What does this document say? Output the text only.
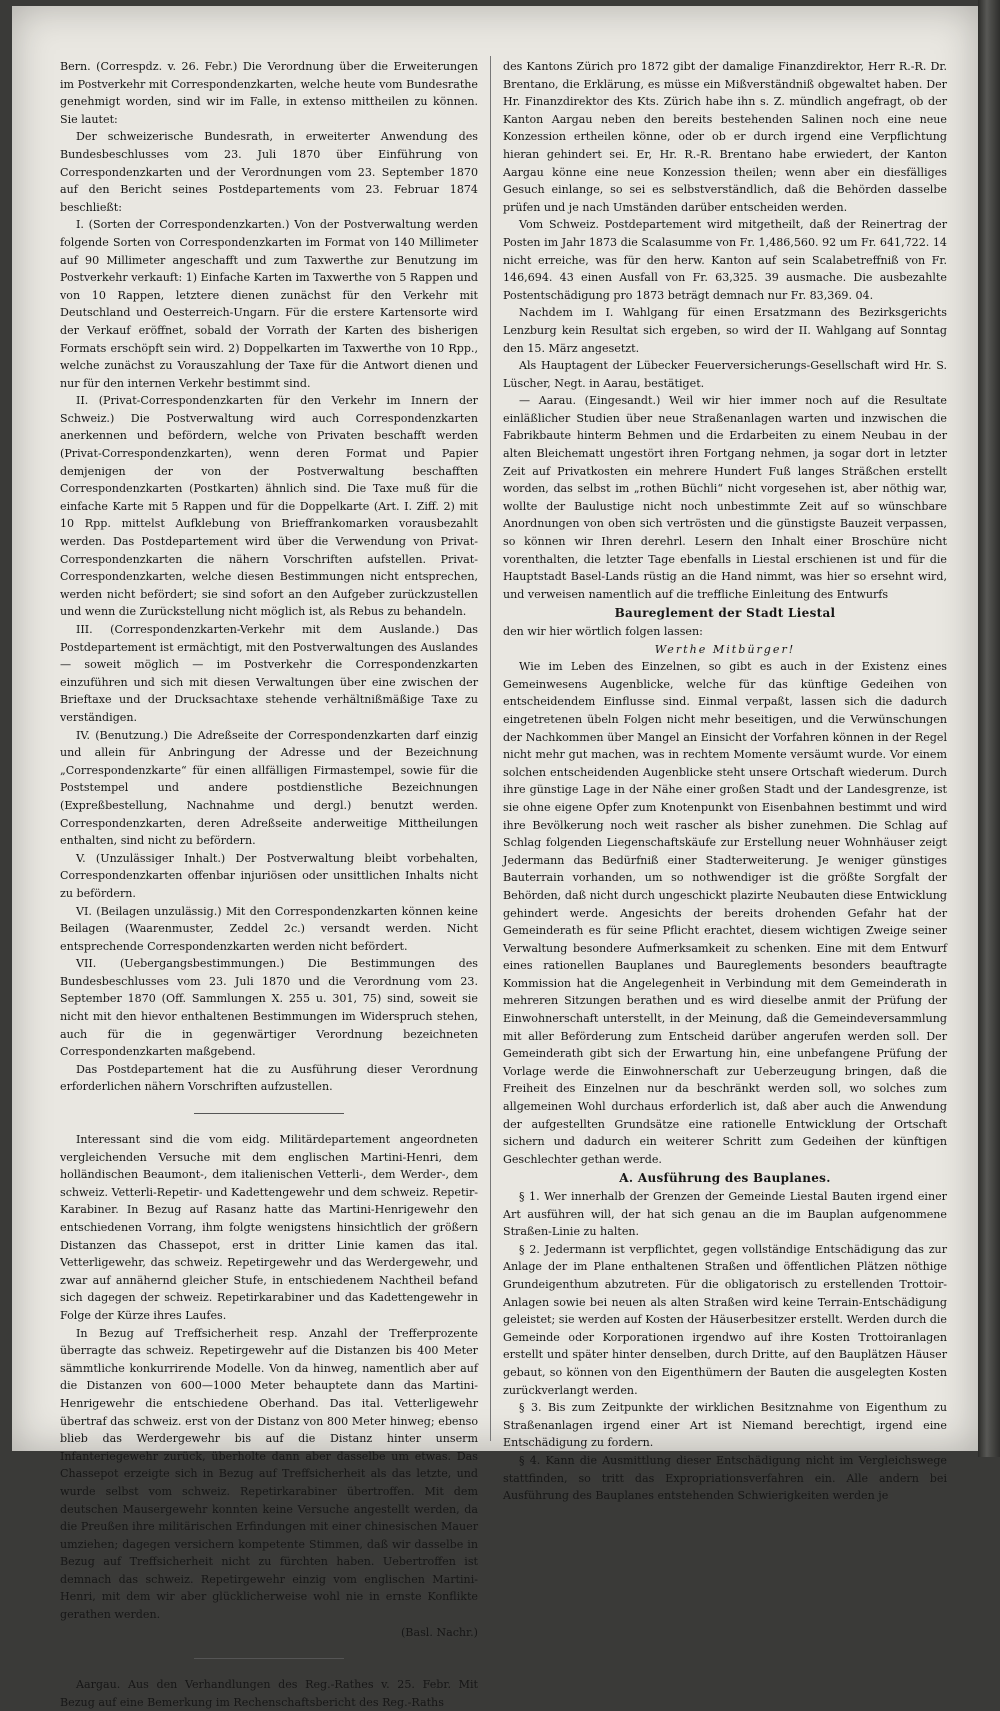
Bern. (Correspdz. v. 26. Febr.) Die Verordnung über die Erweiterungen im Postverkehr mit Correspondenzkarten, welche heute vom Bundesrathe genehmigt worden, sind wir im Falle, in extenso mittheilen zu können. Sie lautet:

Der schweizerische Bundesrath, in erweiterter Anwendung des Bundesbeschlusses vom 23. Juli 1870 über Einführung von Correspondenzkarten und der Verordnungen vom 23. September 1870 auf den Bericht seines Postdepartements vom 23. Februar 1874 beschließt:

I. (Sorten der Correspondenzkarten.) Von der Postverwaltung werden folgende Sorten von Correspondenzkarten im Format von 140 Millimeter auf 90 Millimeter angeschafft und zum Taxwerthe zur Benutzung im Postverkehr verkauft: 1) Einfache Karten im Taxwerthe von 5 Rappen und von 10 Rappen, letztere dienen zunächst für den Verkehr mit Deutschland und Oesterreich-Ungarn. Für die erstere Kartensorte wird der Verkauf eröffnet, sobald der Vorrath der Karten des bisherigen Formats erschöpft sein wird. 2) Doppelkarten im Taxwerthe von 10 Rpp., welche zunächst zu Vorauszahlung der Taxe für die Antwort dienen und nur für den internen Verkehr bestimmt sind.

II. (Privat-Correspondenzkarten für den Verkehr im Innern der Schweiz.) Die Postverwaltung wird auch Correspondenzkarten anerkennen und befördern, welche von Privaten beschafft werden (Privat-Correspondenzkarten), wenn deren Format und Papier demjenigen der von der Postverwaltung beschafften Correspondenzkarten (Postkarten) ähnlich sind. Die Taxe muß für die einfache Karte mit 5 Rappen und für die Doppelkarte (Art. I. Ziff. 2) mit 10 Rpp. mittelst Aufklebung von Brieffrankomarken vorausbezahlt werden. Das Postdepartement wird über die Verwendung von Privat-Correspondenzkarten die nähern Vorschriften aufstellen. Privat-Correspondenzkarten, welche diesen Bestimmungen nicht entsprechen, werden nicht befördert; sie sind sofort an den Aufgeber zurückzustellen und wenn die Zurückstellung nicht möglich ist, als Rebus zu behandeln.

III. (Correspondenzkarten-Verkehr mit dem Auslande.) Das Postdepartement ist ermächtigt, mit den Postverwaltungen des Auslandes — soweit möglich — im Postverkehr die Correspondenzkarten einzuführen und sich mit diesen Verwaltungen über eine zwischen der Brieftaxe und der Drucksachtaxe stehende verhältnißmäßige Taxe zu verständigen.

IV. (Benutzung.) Die Adreßseite der Correspondenzkarten darf einzig und allein für Anbringung der Adresse und der Bezeichnung „Correspondenzkarte“ für einen allfälligen Firmastempel, sowie für die Poststempel und andere postdienstliche Bezeichnungen (Expreßbestellung, Nachnahme und dergl.) benutzt werden. Correspondenzkarten, deren Adreßseite anderweitige Mittheilungen enthalten, sind nicht zu befördern.

V. (Unzulässiger Inhalt.) Der Postverwaltung bleibt vorbehalten, Correspondenzkarten offenbar injuriösen oder unsittlichen Inhalts nicht zu befördern.

VI. (Beilagen unzulässig.) Mit den Correspondenzkarten können keine Beilagen (Waarenmuster, Zeddel 2c.) versandt werden. Nicht entsprechende Correspondenzkarten werden nicht befördert.

VII. (Uebergangsbestimmungen.) Die Bestimmungen des Bundesbeschlusses vom 23. Juli 1870 und die Verordnung vom 23. September 1870 (Off. Sammlungen X. 255 u. 301, 75) sind, soweit sie nicht mit den hievor enthaltenen Bestimmungen im Widerspruch stehen, auch für die in gegenwärtiger Verordnung bezeichneten Correspondenzkarten maßgebend.

Das Postdepartement hat die zu Ausführung dieser Verordnung erforderlichen nähern Vorschriften aufzustellen.

Interessant sind die vom eidg. Militärdepartement angeordneten vergleichenden Versuche mit dem englischen Martini-Henri, dem holländischen Beaumont-, dem italienischen Vetterli-, dem Werder-, dem schweiz. Vetterli-Repetir- und Kadettengewehr und dem schweiz. Repetir-Karabiner. In Bezug auf Rasanz hatte das Martini-Henrigewehr den entschiedenen Vorrang, ihm folgte wenigstens hinsichtlich der größern Distanzen das Chassepot, erst in dritter Linie kamen das ital. Vetterligewehr, das schweiz. Repetirgewehr und das Werdergewehr, und zwar auf annähernd gleicher Stufe, in entschiedenem Nachtheil befand sich dagegen der schweiz. Repetirkarabiner und das Kadettengewehr in Folge der Kürze ihres Laufes.

In Bezug auf Treffsicherheit resp. Anzahl der Trefferprozente überragte das schweiz. Repetirgewehr auf die Distanzen bis 400 Meter sämmtliche konkurrirende Modelle. Von da hinweg, namentlich aber auf die Distanzen von 600—1000 Meter behauptete dann das Martini-Henrigewehr die entschiedene Oberhand. Das ital. Vetterligewehr übertraf das schweiz. erst von der Distanz von 800 Meter hinweg; ebenso blieb das Werdergewehr bis auf die Distanz hinter unserm Infanteriegewehr zurück, überholte dann aber dasselbe um etwas. Das Chassepot erzeigte sich in Bezug auf Treffsicherheit als das letzte, und wurde selbst vom schweiz. Repetirkarabiner übertroffen. Mit dem deutschen Mausergewehr konnten keine Versuche angestellt werden, da die Preußen ihre militärischen Erfindungen mit einer chinesischen Mauer umziehen; dagegen versichern kompetente Stimmen, daß wir dasselbe in Bezug auf Treffsicherheit nicht zu fürchten haben. Uebertroffen ist demnach das schweiz. Repetirgewehr einzig vom englischen Martini-Henri, mit dem wir aber glücklicherweise wohl nie in ernste Konflikte gerathen werden.

(Basl. Nachr.)

Aargau. Aus den Verhandlungen des Reg.-Rathes v. 25. Febr. Mit Bezug auf eine Bemerkung im Rechenschaftsbericht des Reg.-Raths

des Kantons Zürich pro 1872 gibt der damalige Finanzdirektor, Herr R.-R. Dr. Brentano, die Erklärung, es müsse ein Mißverständniß obgewaltet haben. Der Hr. Finanzdirektor des Kts. Zürich habe ihn s. Z. mündlich angefragt, ob der Kanton Aargau neben den bereits bestehenden Salinen noch eine neue Konzession ertheilen könne, oder ob er durch irgend eine Verpflichtung hieran gehindert sei. Er, Hr. R.-R. Brentano habe erwiedert, der Kanton Aargau könne eine neue Konzession theilen; wenn aber ein diesfälliges Gesuch einlange, so sei es selbstverständlich, daß die Behörden dasselbe prüfen und je nach Umständen darüber entscheiden werden.

Vom Schweiz. Postdepartement wird mitgetheilt, daß der Reinertrag der Posten im Jahr 1873 die Scalasumme von Fr. 1,486,560. 92 um Fr. 641,722. 14 nicht erreiche, was für den herw. Kanton auf sein Scalabetreffniß von Fr. 146,694. 43 einen Ausfall von Fr. 63,325. 39 ausmache. Die ausbezahlte Postentschädigung pro 1873 beträgt demnach nur Fr. 83,369. 04.

Nachdem im I. Wahlgang für einen Ersatzmann des Bezirksgerichts Lenzburg kein Resultat sich ergeben, so wird der II. Wahlgang auf Sonntag den 15. März angesetzt.

Als Hauptagent der Lübecker Feuerversicherungs-Gesellschaft wird Hr. S. Lüscher, Negt. in Aarau, bestätiget.

— Aarau. (Eingesandt.) Weil wir hier immer noch auf die Resultate einläßlicher Studien über neue Straßenanlagen warten und inzwischen die Fabrikbaute hinterm Behmen und die Erdarbeiten zu einem Neubau in der alten Bleichematt ungestört ihren Fortgang nehmen, ja sogar dort in letzter Zeit auf Privatkosten ein mehrere Hundert Fuß langes Sträßchen erstellt worden, das selbst im „rothen Büchli“ nicht vorgesehen ist, aber nöthig war, wollte der Baulustige nicht noch unbestimmte Zeit auf so wünschbare Anordnungen von oben sich vertrösten und die günstigste Bauzeit verpassen, so können wir Ihren derehrl. Lesern den Inhalt einer Broschüre nicht vorenthalten, die letzter Tage ebenfalls in Liestal erschienen ist und für die Hauptstadt Basel-Lands rüstig an die Hand nimmt, was hier so ersehnt wird, und verweisen namentlich auf die treffliche Einleitung des Entwurfs

Baureglement der Stadt Liestal

den wir hier wörtlich folgen lassen:

Werthe Mitbürger!

Wie im Leben des Einzelnen, so gibt es auch in der Existenz eines Gemeinwesens Augenblicke, welche für das künftige Gedeihen von entscheidendem Einflusse sind. Einmal verpaßt, lassen sich die dadurch eingetretenen übeln Folgen nicht mehr beseitigen, und die Verwünschungen der Nachkommen über Mangel an Einsicht der Vorfahren können in der Regel nicht mehr gut machen, was in rechtem Momente versäumt wurde. Vor einem solchen entscheidenden Augenblicke steht unsere Ortschaft wiederum. Durch ihre günstige Lage in der Nähe einer großen Stadt und der Landesgrenze, ist sie ohne eigene Opfer zum Knotenpunkt von Eisenbahnen bestimmt und wird ihre Bevölkerung noch weit rascher als bisher zunehmen. Die Schlag auf Schlag folgenden Liegenschaftskäufe zur Erstellung neuer Wohnhäuser zeigt Jedermann das Bedürfniß einer Stadterweiterung. Je weniger günstiges Bauterrain vorhanden, um so nothwendiger ist die größte Sorgfalt der Behörden, daß nicht durch ungeschickt plazirte Neubauten diese Entwicklung gehindert werde. Angesichts der bereits drohenden Gefahr hat der Gemeinderath es für seine Pflicht erachtet, diesem wichtigen Zweige seiner Verwaltung besondere Aufmerksamkeit zu schenken. Eine mit dem Entwurf eines rationellen Bauplanes und Baureglements besonders beauftragte Kommission hat die Angelegenheit in Verbindung mit dem Gemeinderath in mehreren Sitzungen berathen und es wird dieselbe anmit der Prüfung der Einwohnerschaft unterstellt, in der Meinung, daß die Gemeindeversammlung mit aller Beförderung zum Entscheid darüber angerufen werden soll. Der Gemeinderath gibt sich der Erwartung hin, eine unbefangene Prüfung der Vorlage werde die Einwohnerschaft zur Ueberzeugung bringen, daß die Freiheit des Einzelnen nur da beschränkt werden soll, wo solches zum allgemeinen Wohl durchaus erforderlich ist, daß aber auch die Anwendung der aufgestellten Grundsätze eine rationelle Entwicklung der Ortschaft sichern und dadurch ein weiterer Schritt zum Gedeihen der künftigen Geschlechter gethan werde.

A. Ausführung des Bauplanes.

§ 1. Wer innerhalb der Grenzen der Gemeinde Liestal Bauten irgend einer Art ausführen will, der hat sich genau an die im Bauplan aufgenommene Straßen-Linie zu halten.

§ 2. Jedermann ist verpflichtet, gegen vollständige Entschädigung das zur Anlage der im Plane enthaltenen Straßen und öffentlichen Plätzen nöthige Grundeigenthum abzutreten. Für die obligatorisch zu erstellenden Trottoir-Anlagen sowie bei neuen als alten Straßen wird keine Terrain-Entschädigung geleistet; sie werden auf Kosten der Häuserbesitzer erstellt. Werden durch die Gemeinde oder Korporationen irgendwo auf ihre Kosten Trottoiranlagen erstellt und später hinter denselben, durch Dritte, auf den Bauplätzen Häuser gebaut, so können von den Eigenthümern der Bauten die ausgelegten Kosten zurückverlangt werden.

§ 3. Bis zum Zeitpunkte der wirklichen Besitznahme von Eigenthum zu Straßenanlagen irgend einer Art ist Niemand berechtigt, irgend eine Entschädigung zu fordern.

§ 4. Kann die Ausmittlung dieser Entschädigung nicht im Vergleichswege stattfinden, so tritt das Expropriationsverfahren ein. Alle andern bei Ausführung des Bauplanes entstehenden Schwierigkeiten werden je
